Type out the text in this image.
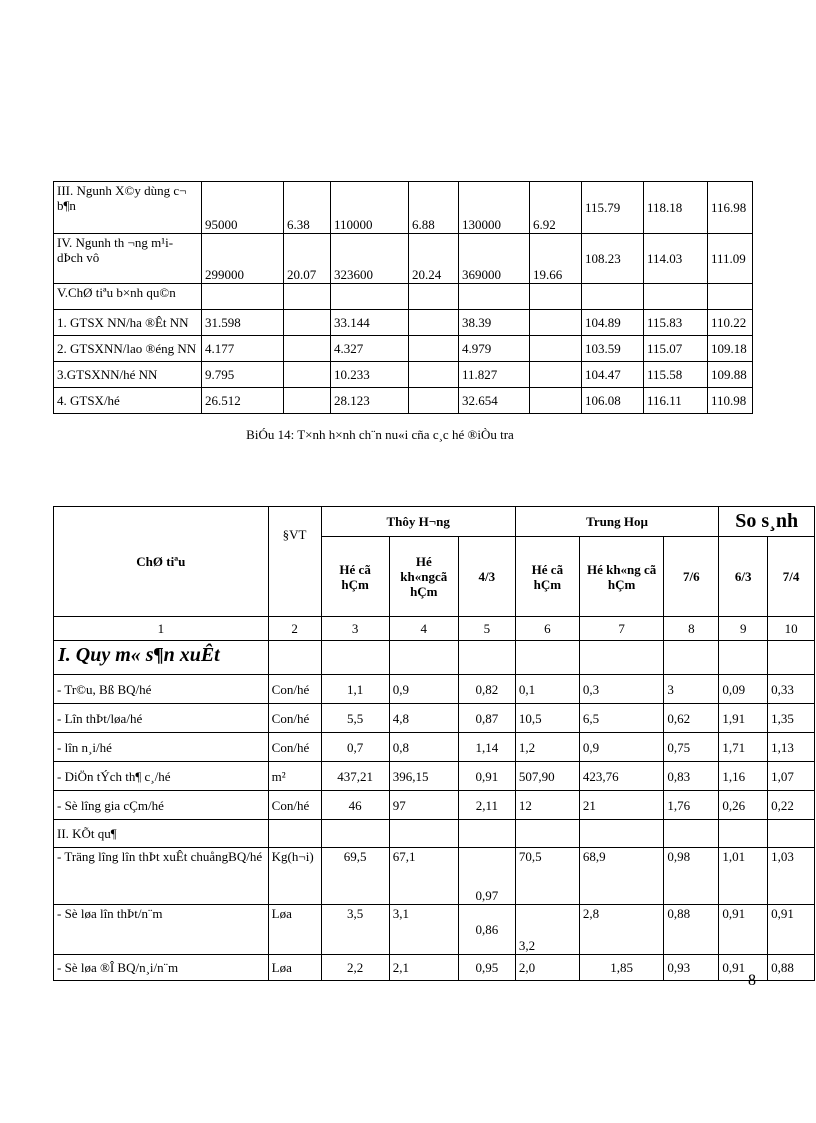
III. Ngunh X©y dùng c¬ b¶n	95000	6.38	110000	6.88	130000	6.92	115.79	118.18	116.98
IV. Ngunh th ¬ng m¹i-dÞch vô	299000	20.07	323600	20.24	369000	19.66	108.23	114.03	111.09
V.ChØ tiªu b×nh qu©n									
1. GTSX NN/ha ®Êt NN	31.598		33.144		38.39		104.89	115.83	110.22
2. GTSXNN/lao ®éng NN	4.177		4.327		4.979		103.59	115.07	109.18
3.GTSXNN/hé NN	9.795		10.233		11.827		104.47	115.58	109.88
4. GTSX/hé	26.512		28.123		32.654		106.08	116.11	110.98
BiÓu 14: T×nh h×nh ch¨n nu«i cña c¸c hé ®iÒu tra
ChØ tiªu	§VT	Thôy H¬ng			Trung Hoµ			So s¸nh	
		Hé cã hÇm	Hé kh«ngcã hÇm	4/3	Hé cã hÇm	Hé kh«ng cã hÇm	7/6	6/3	7/4
1	2	3	4	5	6	7	8	9	10
I. Quy m« s¶n xuÊt									
- Tr©u, Bß BQ/hé	Con/hé	1,1	0,9	0,82	0,1	0,3	3	0,09	0,33
- Lîn thÞt/løa/hé	Con/hé	5,5	4,8	0,87	10,5	6,5	0,62	1,91	1,35
- lîn n¸i/hé	Con/hé	0,7	0,8	1,14	1,2	0,9	0,75	1,71	1,13
- DiÖn tÝch th¶ c¸/hé	m²	437,21	396,15	0,91	507,90	423,76	0,83	1,16	1,07
- Sè lîng gia cÇm/hé	Con/hé	46	97	2,11	12	21	1,76	0,26	0,22
II. KÕt qu¶									
- Träng lîng lîn thÞt xuÊt chuångBQ/hé	Kg(h¬i)	69,5	67,1	0,97	70,5	68,9	0,98	1,01	1,03
- Sè løa lîn thÞt/n¨m	Løa	3,5	3,1	0,86	3,2	2,8	0,88	0,91	0,91
- Sè løa ®Î BQ/n¸i/n¨m	Løa	2,2	2,1	0,95	2,0	1,85	0,93	0,91	0,88
8
